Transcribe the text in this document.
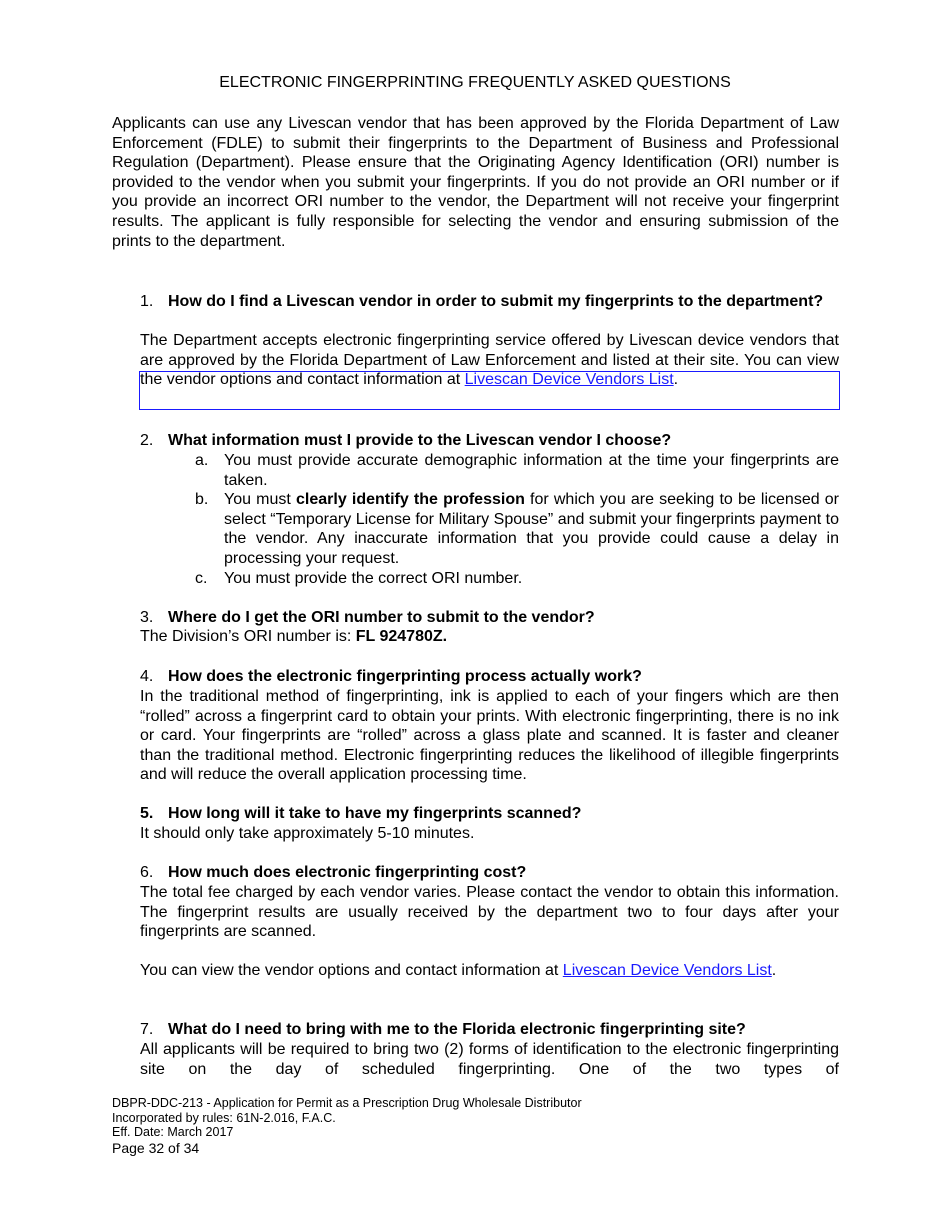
ELECTRONIC FINGERPRINTING FREQUENTLY ASKED QUESTIONS
Applicants can use any Livescan vendor that has been approved by the Florida Department of Law Enforcement (FDLE) to submit their fingerprints to the Department of Business and Professional Regulation (Department). Please ensure that the Originating Agency Identification (ORI) number is provided to the vendor when you submit your fingerprints. If you do not provide an ORI number or if you provide an incorrect ORI number to the vendor, the Department will not receive your fingerprint results. The applicant is fully responsible for selecting the vendor and ensuring submission of the prints to the department.
1. How do I find a Livescan vendor in order to submit my fingerprints to the department?
The Department accepts electronic fingerprinting service offered by Livescan device vendors that are approved by the Florida Department of Law Enforcement and listed at their site. You can view the vendor options and contact information at Livescan Device Vendors List.
2. What information must I provide to the Livescan vendor I choose?
a. You must provide accurate demographic information at the time your fingerprints are taken.
b. You must clearly identify the profession for which you are seeking to be licensed or select “Temporary License for Military Spouse” and submit your fingerprints payment to the vendor. Any inaccurate information that you provide could cause a delay in processing your request.
c. You must provide the correct ORI number.
3. Where do I get the ORI number to submit to the vendor?
The Division’s ORI number is: FL 924780Z.
4. How does the electronic fingerprinting process actually work?
In the traditional method of fingerprinting, ink is applied to each of your fingers which are then “rolled” across a fingerprint card to obtain your prints. With electronic fingerprinting, there is no ink or card. Your fingerprints are “rolled” across a glass plate and scanned. It is faster and cleaner than the traditional method. Electronic fingerprinting reduces the likelihood of illegible fingerprints and will reduce the overall application processing time.
5. How long will it take to have my fingerprints scanned?
It should only take approximately 5-10 minutes.
6. How much does electronic fingerprinting cost?
The total fee charged by each vendor varies. Please contact the vendor to obtain this information. The fingerprint results are usually received by the department two to four days after your fingerprints are scanned.
You can view the vendor options and contact information at Livescan Device Vendors List.
7. What do I need to bring with me to the Florida electronic fingerprinting site?
All applicants will be required to bring two (2) forms of identification to the electronic fingerprinting site on the day of scheduled fingerprinting. One of the two types of
DBPR-DDC-213 - Application for Permit as a Prescription Drug Wholesale Distributor
Incorporated by rules: 61N-2.016, F.A.C.
Eff. Date: March 2017
Page 32 of 34
